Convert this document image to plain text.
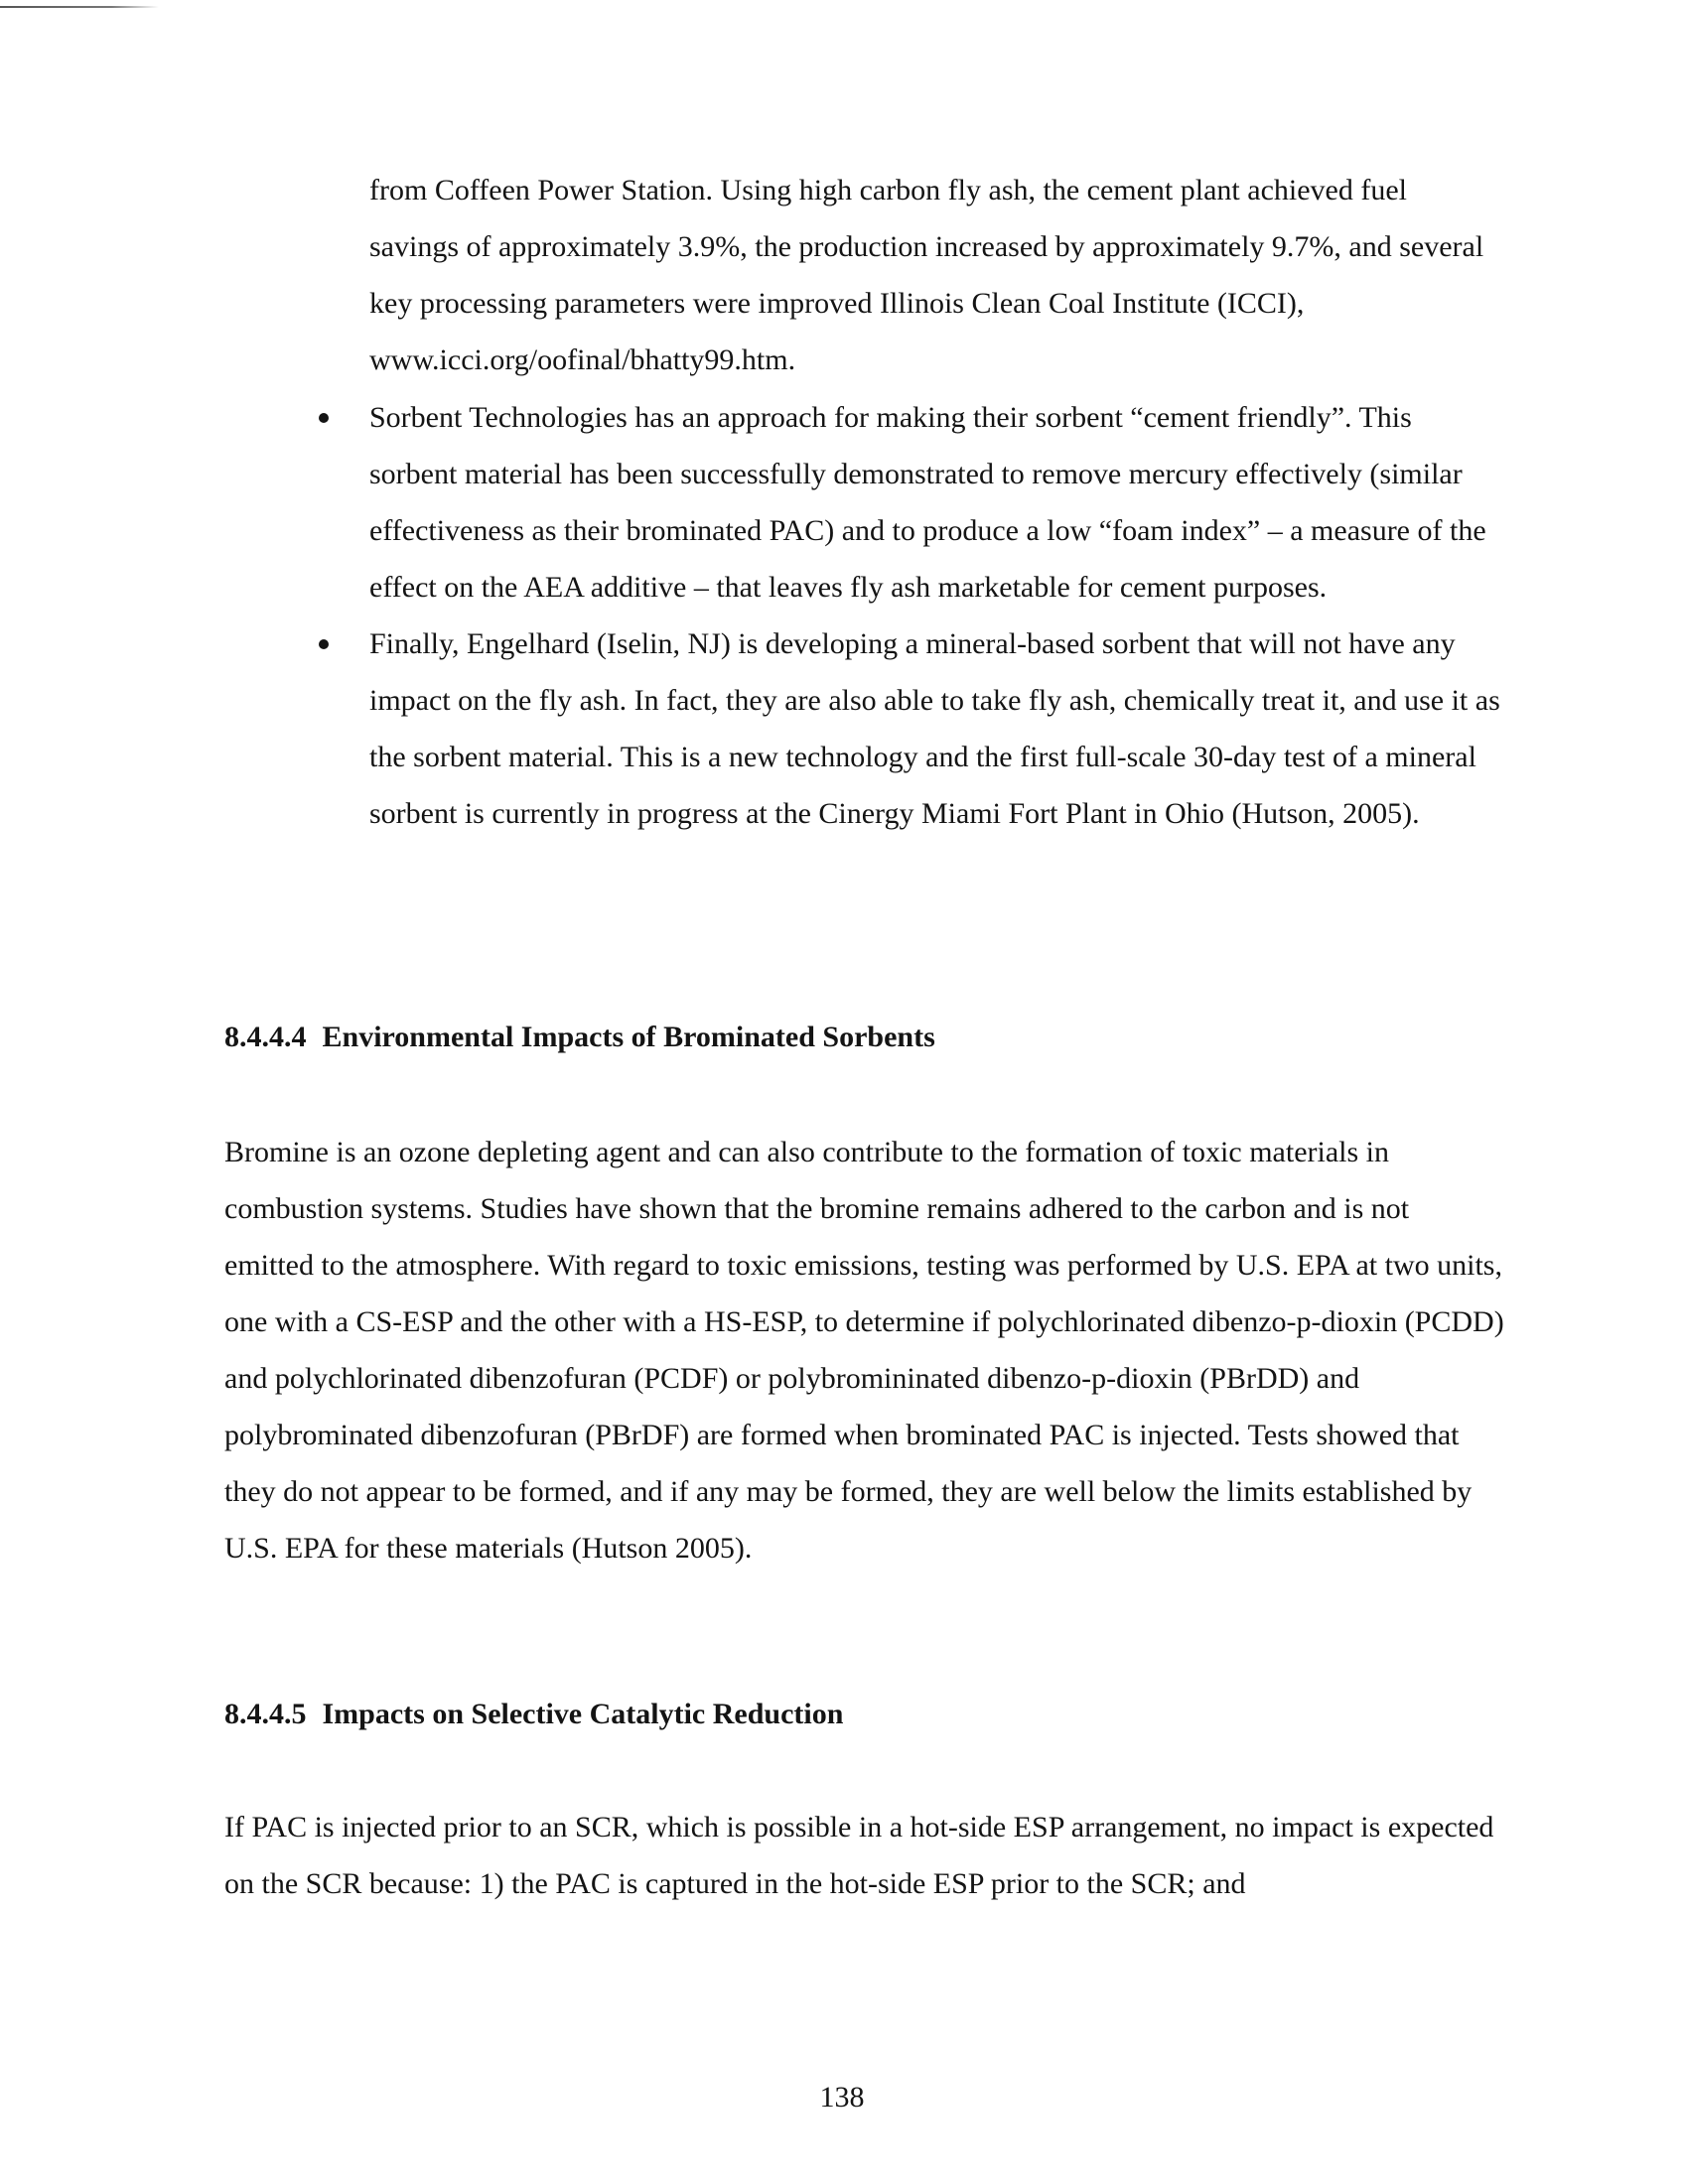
from Coffeen Power Station. Using high carbon fly ash, the cement plant achieved fuel savings of approximately 3.9%, the production increased by approximately 9.7%, and several key processing parameters were improved Illinois Clean Coal Institute (ICCI), www.icci.org/oofinal/bhatty99.htm.

Sorbent Technologies has an approach for making their sorbent “cement friendly”. This sorbent material has been successfully demonstrated to remove mercury effectively (similar effectiveness as their brominated PAC) and to produce a low “foam index” – a measure of the effect on the AEA additive – that leaves fly ash marketable for cement purposes.
Finally, Engelhard (Iselin, NJ) is developing a mineral-based sorbent that will not have any impact on the fly ash. In fact, they are also able to take fly ash, chemically treat it, and use it as the sorbent material. This is a new technology and the first full-scale 30-day test of a mineral sorbent is currently in progress at the Cinergy Miami Fort Plant in Ohio (Hutson, 2005).
8.4.4.4 Environmental Impacts of Brominated Sorbents

Bromine is an ozone depleting agent and can also contribute to the formation of toxic materials in combustion systems. Studies have shown that the bromine remains adhered to the carbon and is not emitted to the atmosphere. With regard to toxic emissions, testing was performed by U.S. EPA at two units, one with a CS-ESP and the other with a HS-ESP, to determine if polychlorinated dibenzo-p-dioxin (PCDD) and polychlorinated dibenzofuran (PCDF) or polybromininated dibenzo-p-dioxin (PBrDD) and polybrominated dibenzofuran (PBrDF) are formed when brominated PAC is injected. Tests showed that they do not appear to be formed, and if any may be formed, they are well below the limits established by U.S. EPA for these materials (Hutson 2005).

8.4.4.5 Impacts on Selective Catalytic Reduction

If PAC is injected prior to an SCR, which is possible in a hot-side ESP arrangement, no impact is expected on the SCR because: 1) the PAC is captured in the hot-side ESP prior to the SCR; and

138
